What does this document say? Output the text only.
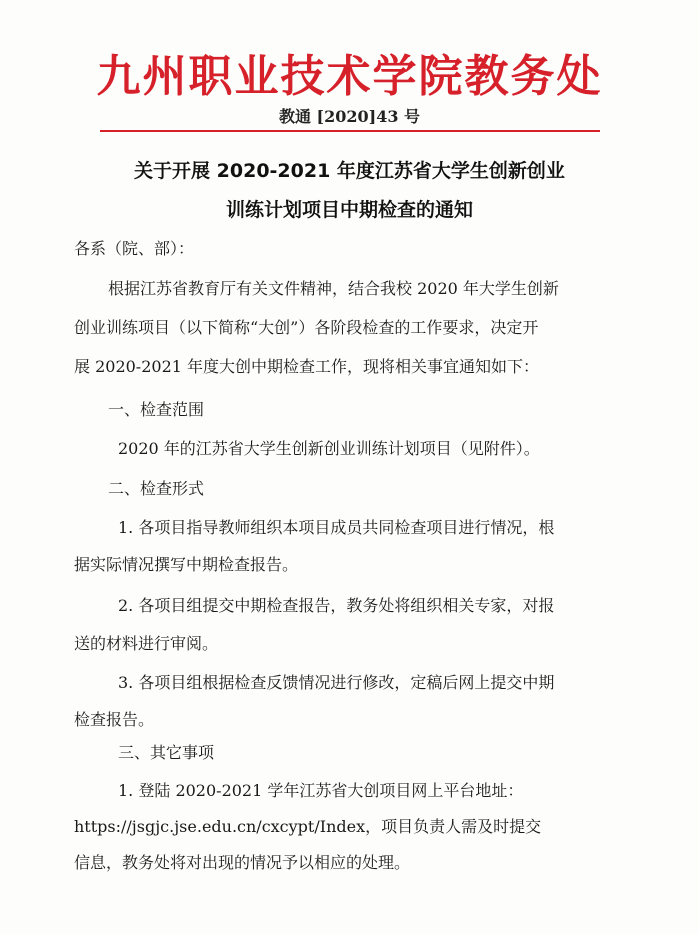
九州职业技术学院教务处
教通 [2020]43 号
关于开展 2020-2021 年度江苏省大学生创新创业
训练计划项目中期检查的通知
各系（院、部）：
根据江苏省教育厅有关文件精神，结合我校 2020 年大学生创新
创业训练项目（以下简称“大创”）各阶段检查的工作要求，决定开
展 2020-2021 年度大创中期检查工作，现将相关事宜通知如下：
一、检查范围
2020 年的江苏省大学生创新创业训练计划项目（见附件）。
二、检查形式
1. 各项目指导教师组织本项目成员共同检查项目进行情况，根
据实际情况撰写中期检查报告。
2. 各项目组提交中期检查报告，教务处将组织相关专家，对报
送的材料进行审阅。
3. 各项目组根据检查反馈情况进行修改，定稿后网上提交中期
检查报告。
三、其它事项
1. 登陆 2020-2021 学年江苏省大创项目网上平台地址：
https://jsgjc.jse.edu.cn/cxcypt/Index，项目负责人需及时提交
信息，教务处将对出现的情况予以相应的处理。
